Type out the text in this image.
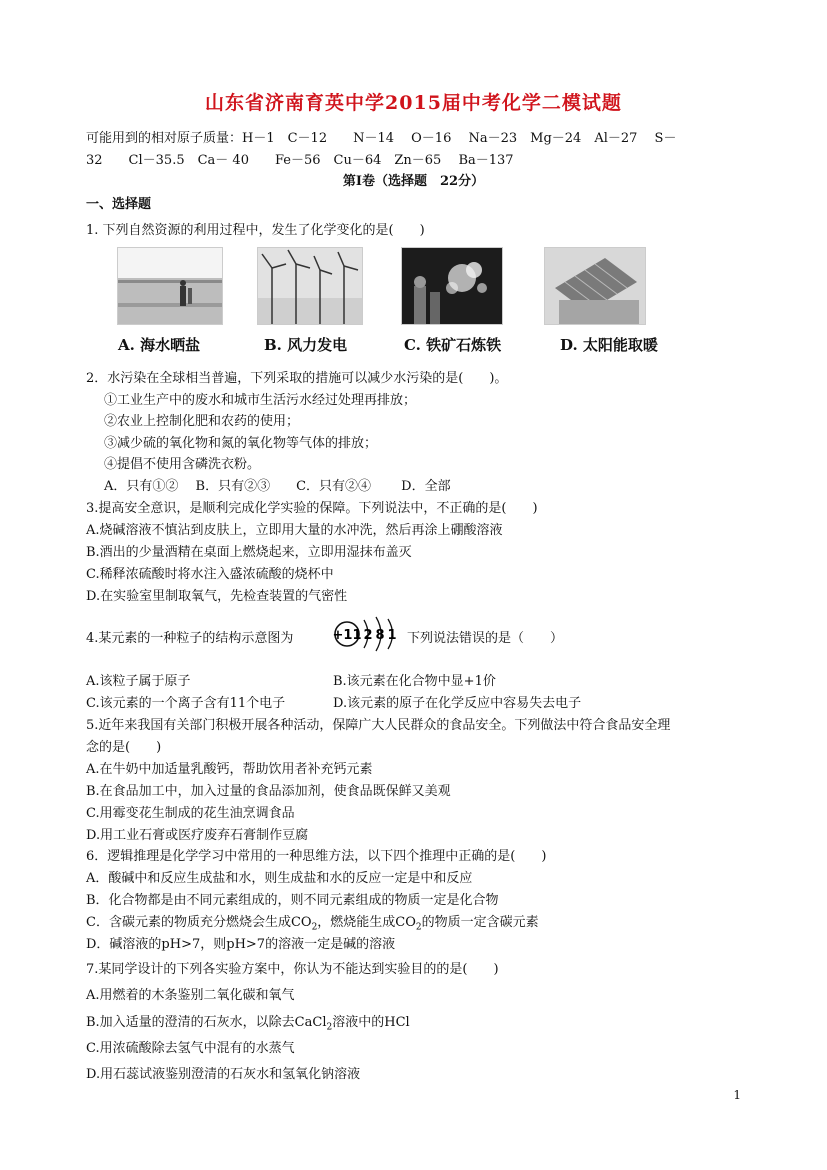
山东省济南育英中学2015届中考化学二模试题
可能用到的相对原子质量：H－1　C－12　　N－14　 O－16　 Na－23　Mg－24　Al－27　 S－
32　　Cl－35.5　Ca－ 40　　Fe－56　Cu－64　Zn－65　 Ba－137
第Ⅰ卷（选择题　22分）
一、选择题
1. 下列自然资源的利用过程中，发生了化学变化的是(　　)
A. 海水晒盐	B. 风力发电	C. 铁矿石炼铁	D. 太阳能取暖
2．水污染在全球相当普遍，下列采取的措施可以减少水污染的是(　　)。
①工业生产中的废水和城市生活污水经过处理再排放；
②农业上控制化肥和农药的使用；
③减少硫的氧化物和氮的氧化物等气体的排放；
④提倡不使用含磷洗衣粉。
A．只有①②　 B．只有②③　　C．只有②④　　 D．全部
3.提高安全意识，是顺利完成化学实验的保障。下列说法中，不正确的是(　　)
A.烧碱溶液不慎沾到皮肤上，立即用大量的水冲洗，然后再涂上硼酸溶液
B.酒出的少量酒精在桌面上燃烧起来，立即用湿抹布盖灭
C.稀释浓硫酸时将水注入盛浓硫酸的烧杯中
D.在实验室里制取氧气，先检查装置的气密性
4.某元素的一种粒子的结构示意图为	+11 2 8 1 下列说法错误的是（　　）
A.该粒子属于原子	B.该元素在化合物中显+1价
C.该元素的一个离子含有11个电子	D.该元素的原子在化学反应中容易失去电子
5.近年来我国有关部门积极开展各种活动，保障广大人民群众的食品安全。下列做法中符合食品安全理
念的是(　　)
A.在牛奶中加适量乳酸钙，帮助饮用者补充钙元素
B.在食品加工中，加入过量的食品添加剂，使食品既保鲜又美观
C.用霉变花生制成的花生油烹调食品
D.用工业石膏或医疗废弃石膏制作豆腐
6．逻辑推理是化学学习中常用的一种思维方法，以下四个推理中正确的是(　　)
A．酸碱中和反应生成盐和水，则生成盐和水的反应一定是中和反应
B．化合物都是由不同元素组成的，则不同元素组成的物质一定是化合物
C．含碳元素的物质充分燃烧会生成$CO_2$，燃烧能生成$CO_2$的物质一定含碳元素
D．碱溶液的pH>7，则pH>7的溶液一定是碱的溶液
7.某同学设计的下列各实验方案中，你认为不能达到实验目的的是(　　)
A.用燃着的木条鉴别二氧化碳和氧气
B.加入适量的澄清的石灰水，以除去CaCl$_2$溶液中的HCl
C.用浓硫酸除去氢气中混有的水蒸气
D.用石蕊试液鉴别澄清的石灰水和氢氧化钠溶液
1
